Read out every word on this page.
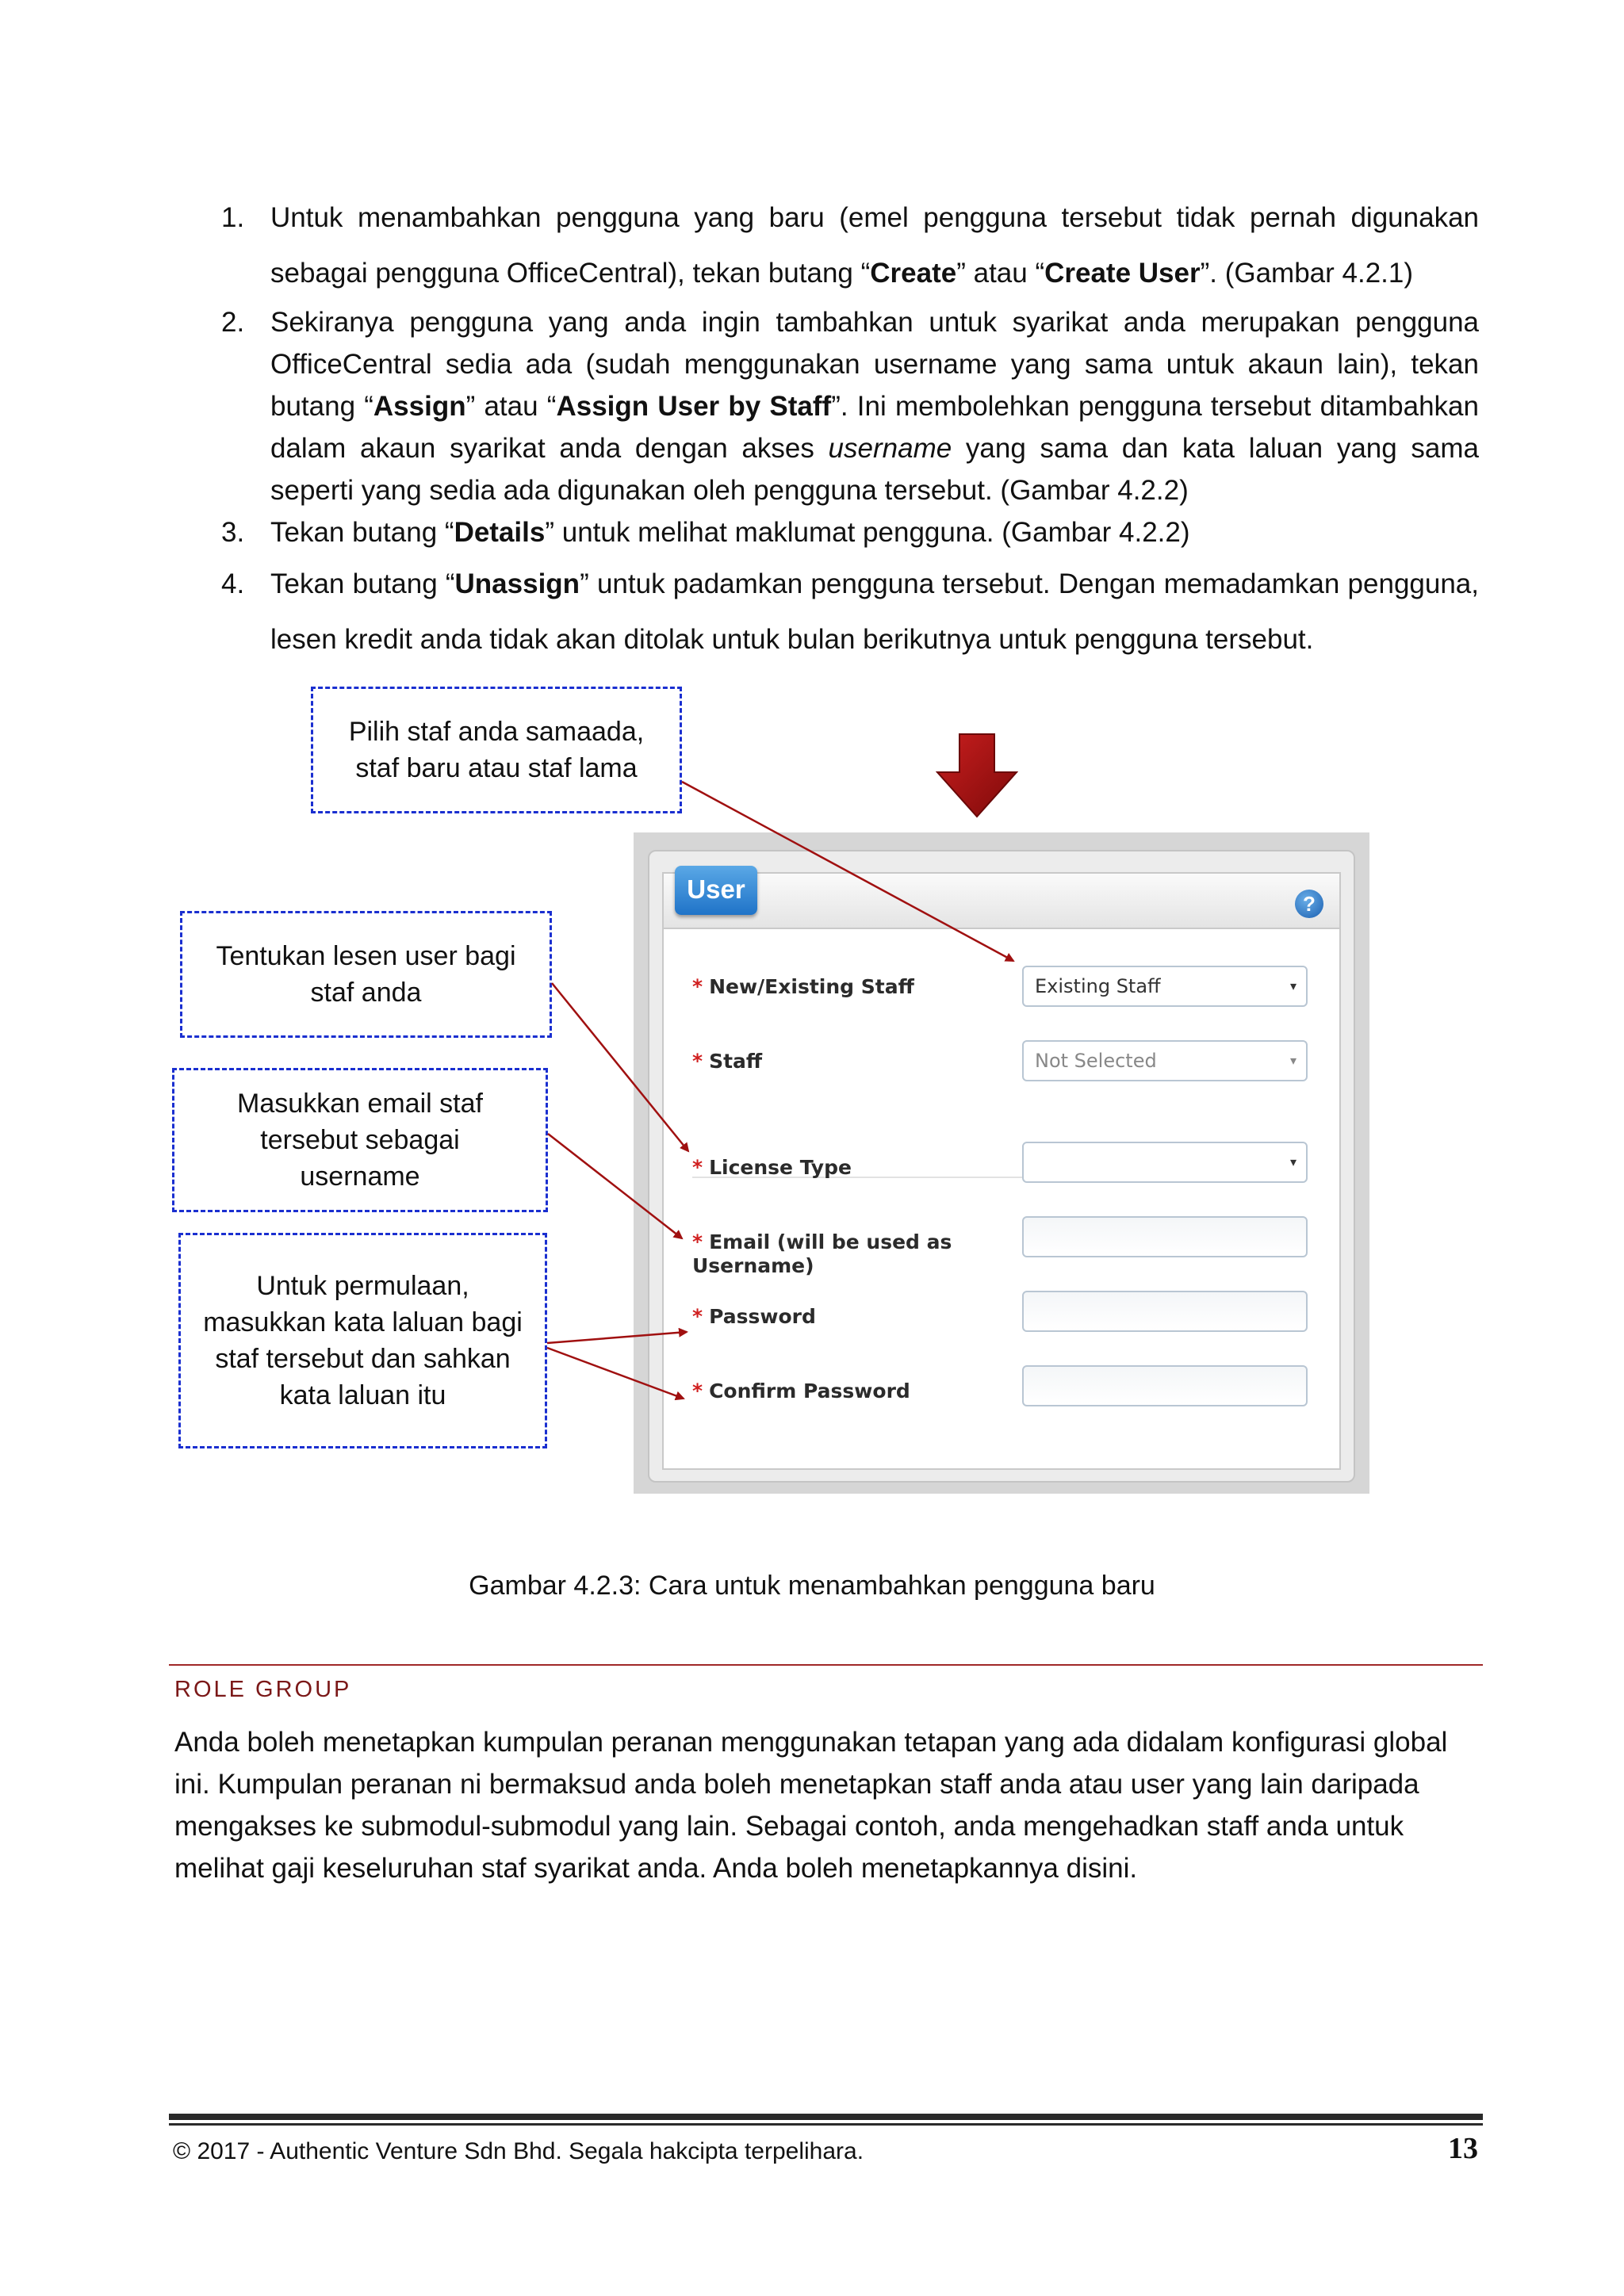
1. Untuk menambahkan pengguna yang baru (emel pengguna tersebut tidak pernah digunakan sebagai pengguna OfficeCentral), tekan butang “Create” atau “Create User”. (Gambar 4.2.1)
2. Sekiranya pengguna yang anda ingin tambahkan untuk syarikat anda merupakan pengguna OfficeCentral sedia ada (sudah menggunakan username yang sama untuk akaun lain), tekan butang “Assign” atau “Assign User by Staff”. Ini membolehkan pengguna tersebut ditambahkan dalam akaun syarikat anda dengan akses username yang sama dan kata laluan yang sama seperti yang sedia ada digunakan oleh pengguna tersebut. (Gambar 4.2.2)
3. Tekan butang “Details” untuk melihat maklumat pengguna. (Gambar 4.2.2)
4. Tekan butang “Unassign” untuk padamkan pengguna tersebut. Dengan memadamkan pengguna, lesen kredit anda tidak akan ditolak untuk bulan berikutnya untuk pengguna tersebut.
Pilih staf anda samaada,
staf baru atau staf lama
Tentukan lesen user bagi
staf anda
Masukkan email staf
tersebut sebagai
username
Untuk permulaan,
masukkan kata laluan bagi
staf tersebut dan sahkan
kata laluan itu
?
User
* New/Existing Staff	Existing Staff	▾
* Staff	Not Selected	▾
* License Type	▾
* Email (will be used as
Username)
* Password
* Confirm Password
Gambar 4.2.3: Cara untuk menambahkan pengguna baru
ROLE GROUP

Anda boleh menetapkan kumpulan peranan menggunakan tetapan yang ada didalam konfigurasi global ini. Kumpulan peranan ni bermaksud anda boleh menetapkan staff anda atau user yang lain daripada mengakses ke submodul-submodul yang lain. Sebagai contoh, anda mengehadkan staff anda untuk melihat gaji keseluruhan staf syarikat anda. Anda boleh menetapkannya disini.

© 2017 - Authentic Venture Sdn Bhd. Segala hakcipta terpelihara.	13
